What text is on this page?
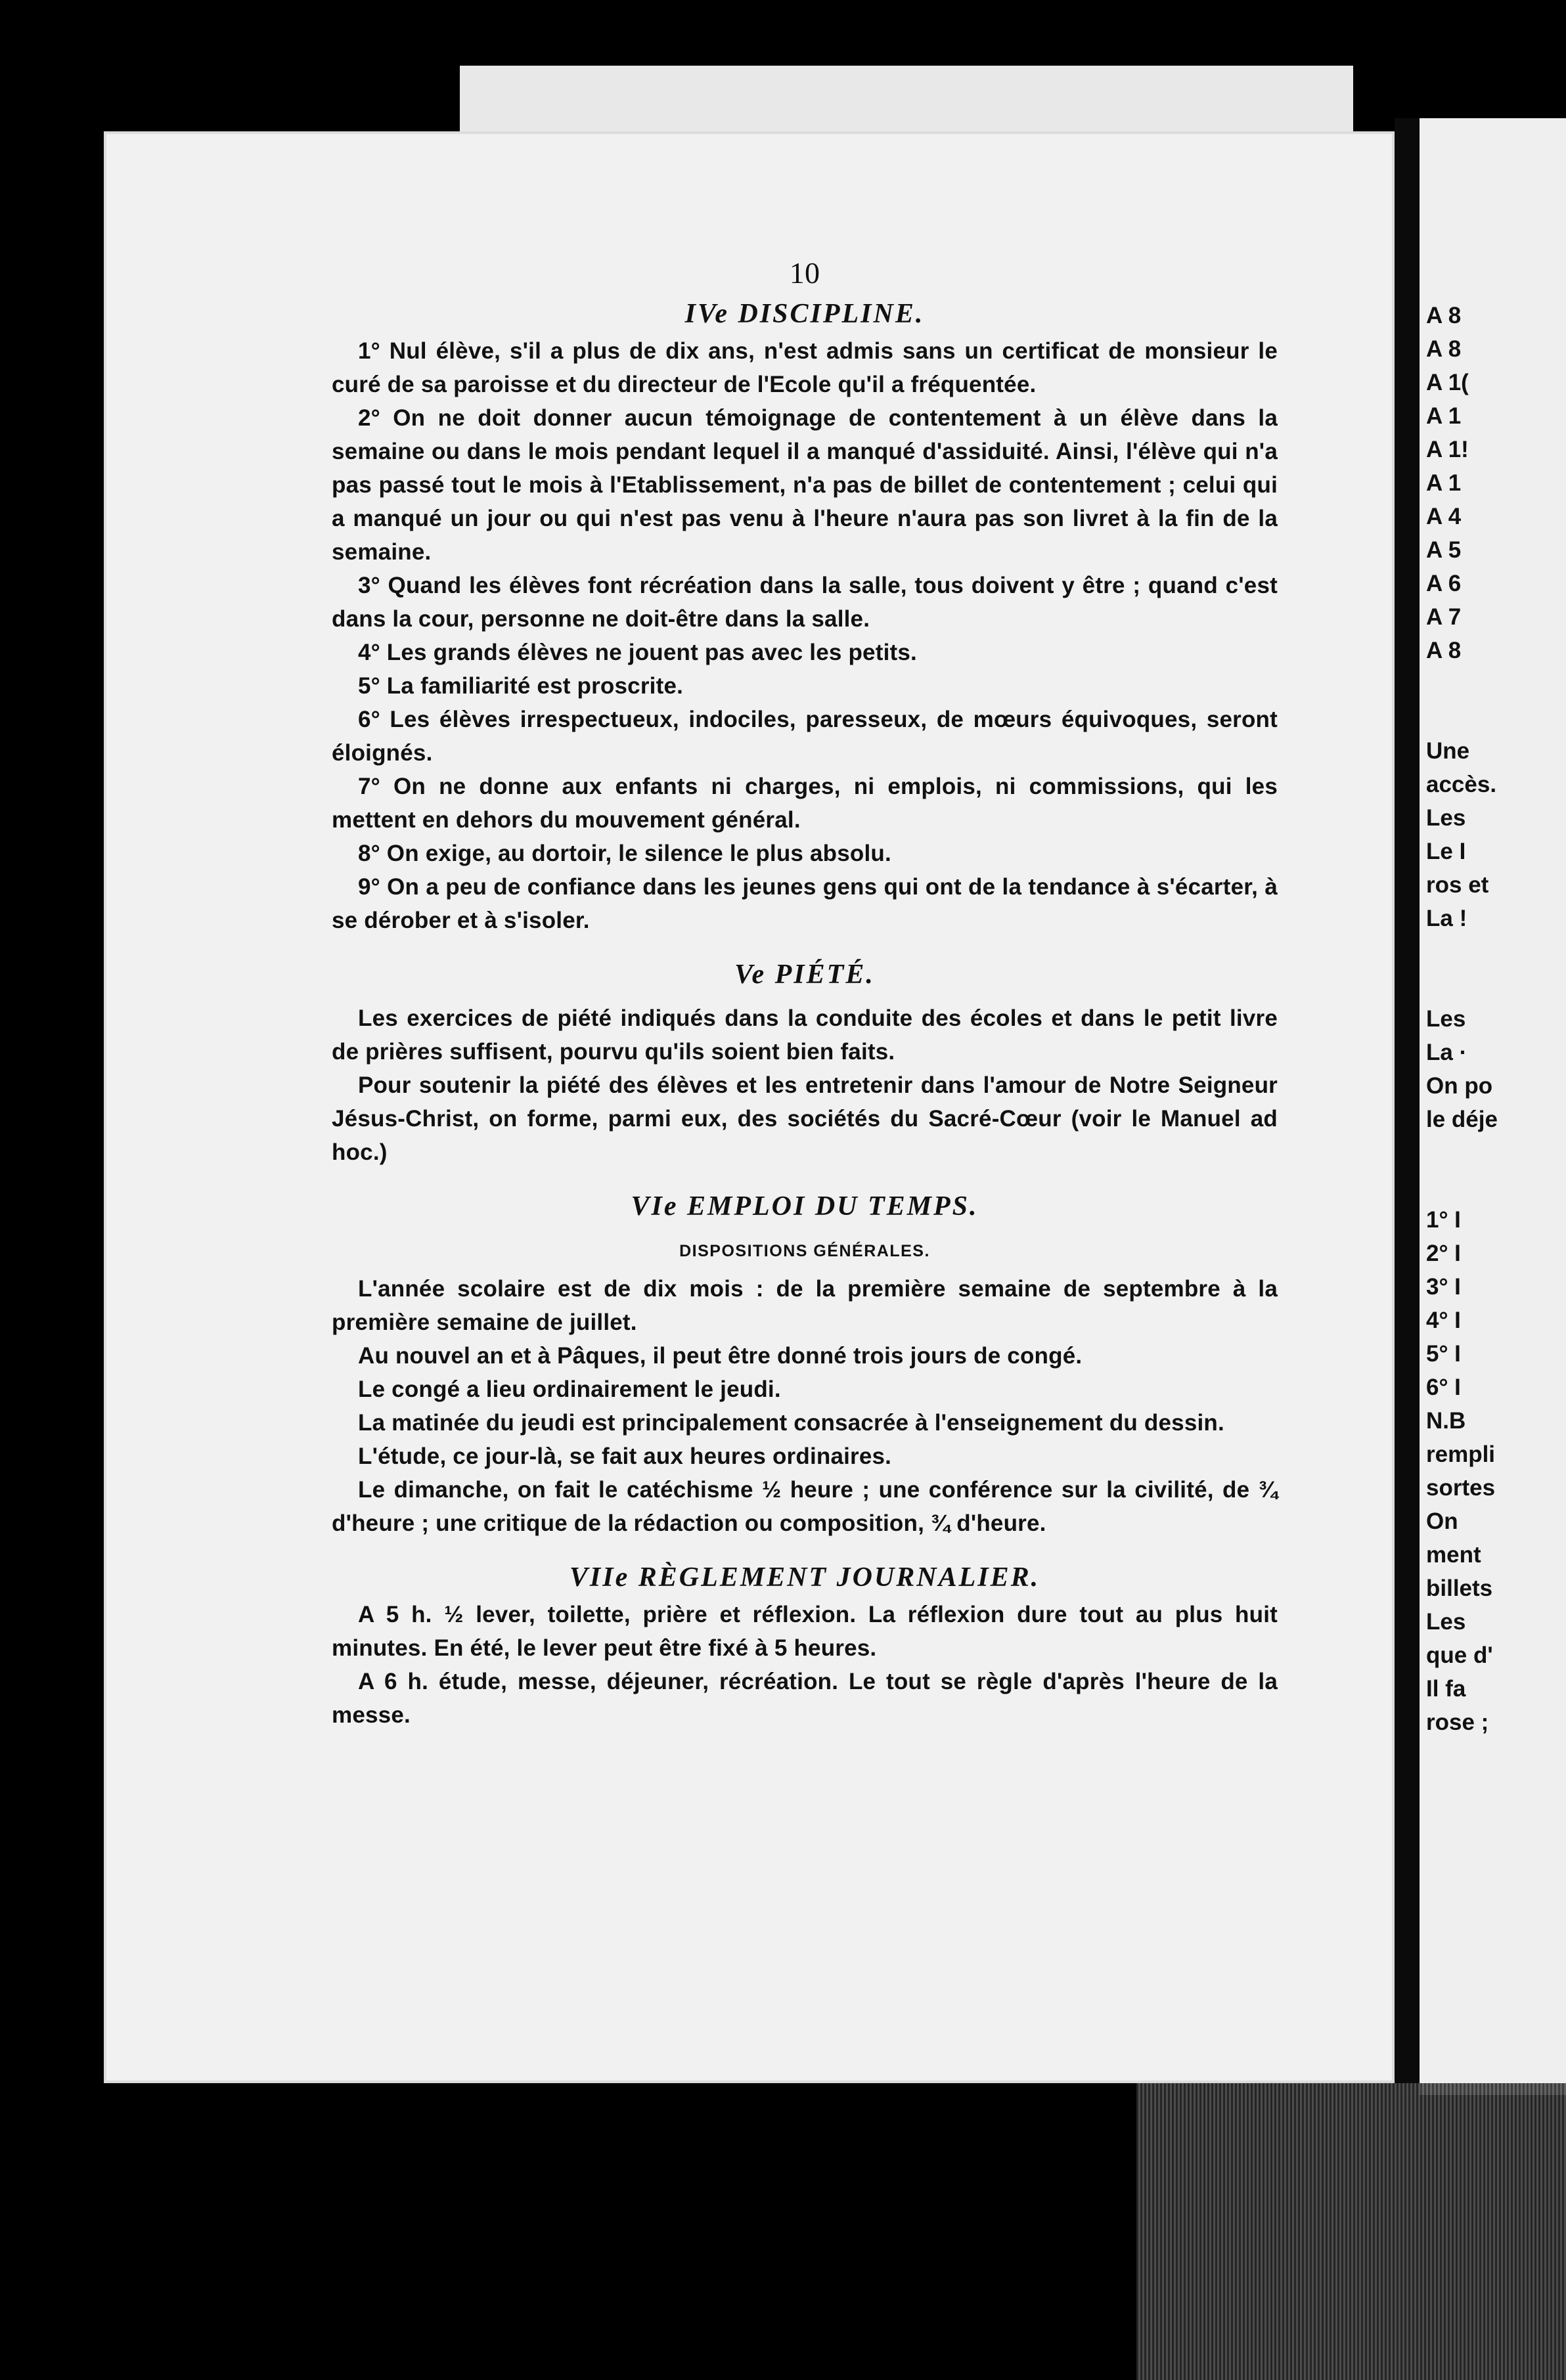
10
IVe DISCIPLINE.

1° Nul élève, s'il a plus de dix ans, n'est admis sans un certificat de monsieur le curé de sa paroisse et du directeur de l'Ecole qu'il a fréquentée.

2° On ne doit donner aucun témoignage de contentement à un élève dans la semaine ou dans le mois pendant lequel il a manqué d'assiduité. Ainsi, l'élève qui n'a pas passé tout le mois à l'Etablissement, n'a pas de billet de contentement ; celui qui a manqué un jour ou qui n'est pas venu à l'heure n'aura pas son livret à la fin de la semaine.

3° Quand les élèves font récréation dans la salle, tous doivent y être ; quand c'est dans la cour, personne ne doit-être dans la salle.

4° Les grands élèves ne jouent pas avec les petits.

5° La familiarité est proscrite.

6° Les élèves irrespectueux, indociles, paresseux, de mœurs équivoques, seront éloignés.

7° On ne donne aux enfants ni charges, ni emplois, ni commissions, qui les mettent en dehors du mouvement général.

8° On exige, au dortoir, le silence le plus absolu.

9° On a peu de confiance dans les jeunes gens qui ont de la tendance à s'écarter, à se dérober et à s'isoler.

Ve PIÉTÉ.

Les exercices de piété indiqués dans la conduite des écoles et dans le petit livre de prières suffisent, pourvu qu'ils soient bien faits.

Pour soutenir la piété des élèves et les entretenir dans l'amour de Notre Seigneur Jésus-Christ, on forme, parmi eux, des sociétés du Sacré-Cœur (voir le Manuel ad hoc.)

VIe EMPLOI DU TEMPS.
DISPOSITIONS GÉNÉRALES.

L'année scolaire est de dix mois : de la première semaine de septembre à la première semaine de juillet.

Au nouvel an et à Pâques, il peut être donné trois jours de congé.

Le congé a lieu ordinairement le jeudi.

La matinée du jeudi est principalement consacrée à l'enseignement du dessin.

L'étude, ce jour-là, se fait aux heures ordinaires.

Le dimanche, on fait le catéchisme ½ heure ; une conférence sur la civilité, de ¾ d'heure ; une critique de la rédaction ou composition, ¾ d'heure.

VIIe RÈGLEMENT JOURNALIER.

A 5 h. ½ lever, toilette, prière et réflexion. La réflexion dure tout au plus huit minutes. En été, le lever peut être fixé à 5 heures.

A 6 h. étude, messe, déjeuner, récréation. Le tout se règle d'après l'heure de la messe.

A 8
A 8
A 1(
A 1
A 1!
A 1
A 4
A 5
A 6
A 7
A 8
Une
accès.
Les
Le I
ros et
La !
Les
La ·
On po
le déje
1° I
2° I
3° I
4° I
5° I
6° I
N.B
rempli
sortes
On
ment
billets
Les
que d'
Il fa
rose ;
